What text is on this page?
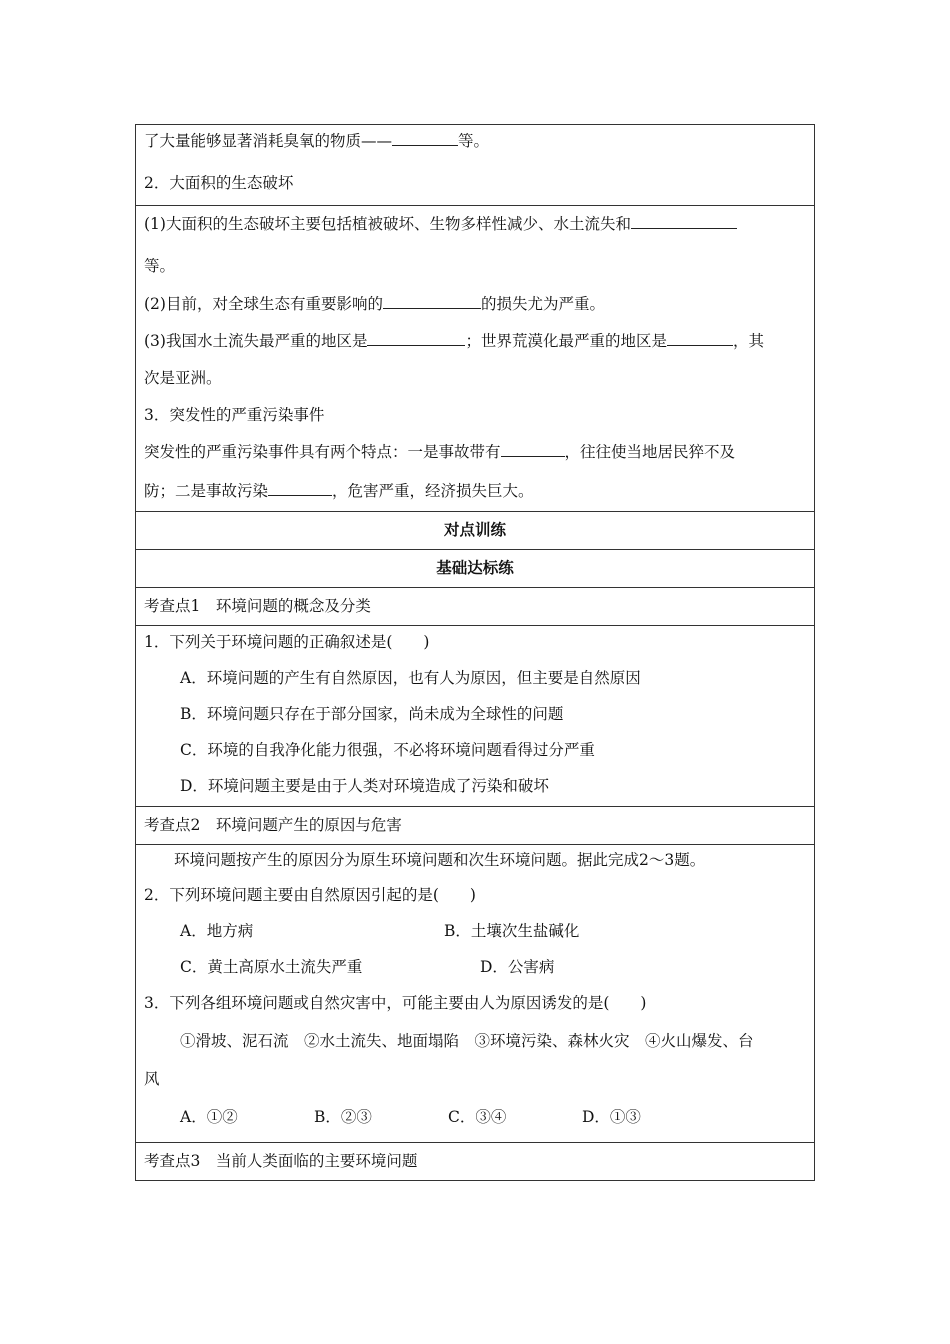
了大量能够显著消耗臭氧的物质——	等。
2．大面积的生态破坏

(1)大面积的生态破坏主要包括植被破坏、生物多样性减少、水土流失和
等。
(2)目前，对全球生态有重要影响的	的损失尤为严重。
(3)我国水土流失最严重的地区是	；世界荒漠化最严重的地区是	，其
次是亚洲。
3．突发性的严重污染事件
突发性的严重污染事件具有两个特点：一是事故带有	，往往使当地居民猝不及
防；二是事故污染	，危害严重，经济损失巨大。

对点训练

基础达标练

考查点1　环境问题的概念及分类

1．下列关于环境问题的正确叙述是(　　)
A．环境问题的产生有自然原因，也有人为原因，但主要是自然原因
B．环境问题只存在于部分国家，尚未成为全球性的问题
C．环境的自我净化能力很强，不必将环境问题看得过分严重
D．环境问题主要是由于人类对环境造成了污染和破坏

考查点2　环境问题产生的原因与危害

环境问题按产生的原因分为原生环境问题和次生环境问题。据此完成2～3题。
2．下列环境问题主要由自然原因引起的是(　　)
A．地方病	B．土壤次生盐碱化
C．黄土高原水土流失严重	D．公害病
3．下列各组环境问题或自然灾害中，可能主要由人为原因诱发的是(　　)
①滑坡、泥石流　②水土流失、地面塌陷　③环境污染、森林火灾　④火山爆发、台
风
A．①②	B．②③	C．③④	D．①③

考查点3　当前人类面临的主要环境问题
